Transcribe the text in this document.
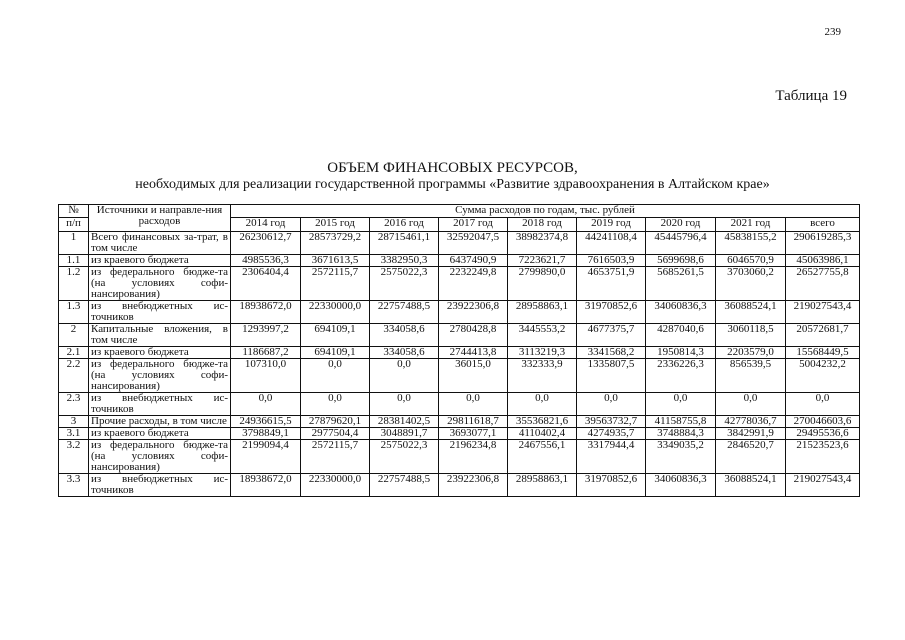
239
Таблица 19
ОБЪЕМ ФИНАНСОВЫХ РЕСУРСОВ,
необходимых для реализации государственной программы «Развитие здравоохранения в Алтайском крае»
№	Источники и направле-ния расходов	Сумма расходов по годам, тыс. рублей								
п/п		2014 год	2015 год	2016 год	2017 год	2018 год	2019 год	2020 год	2021 год	всего
1	Всего финансовых за-трат, в том числе	26230612,7	28573729,2	28715461,1	32592047,5	38982374,8	44241108,4	45445796,4	45838155,2	290619285,3
1.1	из краевого бюджета	4985536,3	3671613,5	3382950,3	6437490,9	7223621,7	7616503,9	5699698,6	6046570,9	45063986,1
1.2	из федерального бюдже-та (на условиях софи-нансирования)	2306404,4	2572115,7	2575022,3	2232249,8	2799890,0	4653751,9	5685261,5	3703060,2	26527755,8
1.3	из внебюджетных ис-точников	18938672,0	22330000,0	22757488,5	23922306,8	28958863,1	31970852,6	34060836,3	36088524,1	219027543,4
2	Капитальные вложения, в том числе	1293997,2	694109,1	334058,6	2780428,8	3445553,2	4677375,7	4287040,6	3060118,5	20572681,7
2.1	из краевого бюджета	1186687,2	694109,1	334058,6	2744413,8	3113219,3	3341568,2	1950814,3	2203579,0	15568449,5
2.2	из федерального бюдже-та (на условиях софи-нансирования)	107310,0	0,0	0,0	36015,0	332333,9	1335807,5	2336226,3	856539,5	5004232,2
2.3	из внебюджетных ис-точников	0,0	0,0	0,0	0,0	0,0	0,0	0,0	0,0	0,0
3	Прочие расходы, в том числе	24936615,5	27879620,1	28381402,5	29811618,7	35536821,6	39563732,7	41158755,8	42778036,7	270046603,6
3.1	из краевого бюджета	3798849,1	2977504,4	3048891,7	3693077,1	4110402,4	4274935,7	3748884,3	3842991,9	29495536,6
3.2	из федерального бюдже-та (на условиях софи-нансирования)	2199094,4	2572115,7	2575022,3	2196234,8	2467556,1	3317944,4	3349035,2	2846520,7	21523523,6
3.3	из внебюджетных ис-точников	18938672,0	22330000,0	22757488,5	23922306,8	28958863,1	31970852,6	34060836,3	36088524,1	219027543,4
